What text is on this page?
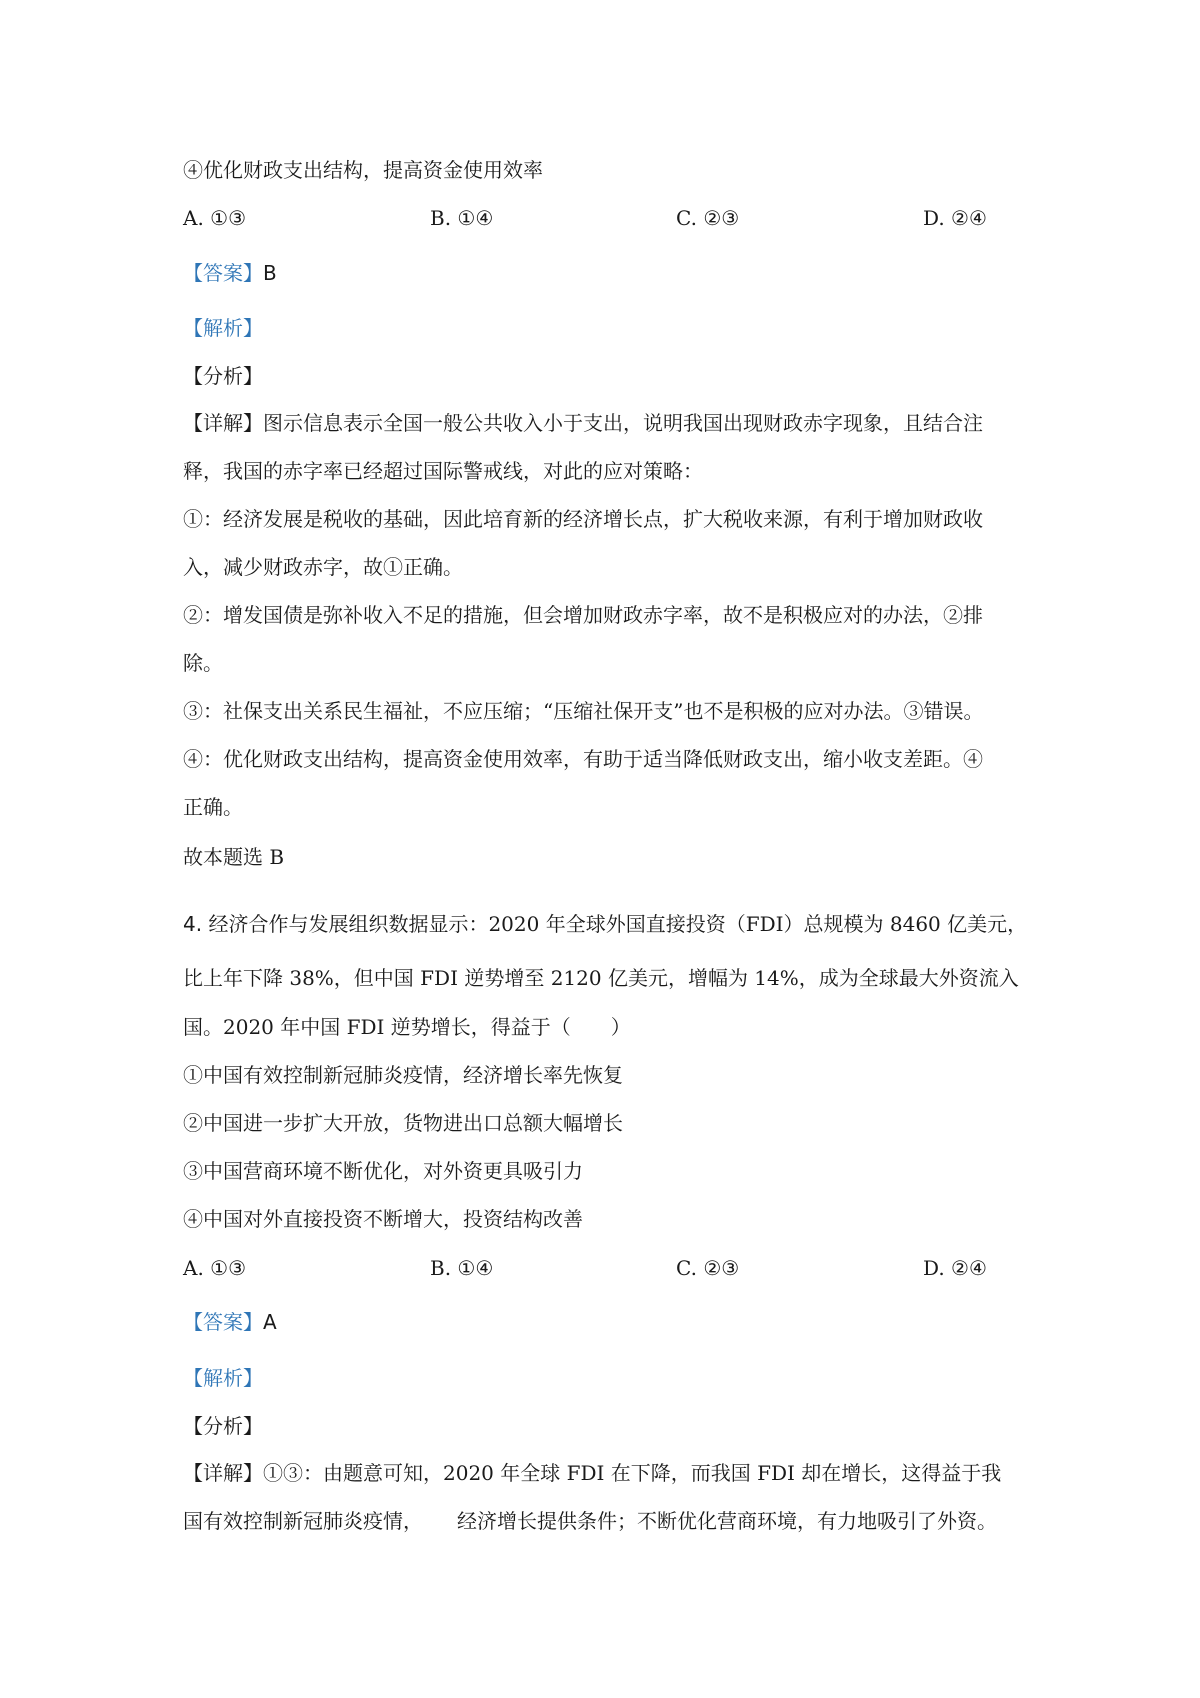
④优化财政支出结构，提高资金使用效率
A. ①③	B. ①④	C. ②③	D. ②④
【答案】B
【解析】
【分析】
【详解】图示信息表示全国一般公共收入小于支出，说明我国出现财政赤字现象，且结合注
释，我国的赤字率已经超过国际警戒线，对此的应对策略：
①：经济发展是税收的基础，因此培育新的经济增长点，扩大税收来源，有利于增加财政收
入，减少财政赤字，故①正确。
②：增发国债是弥补收入不足的措施，但会增加财政赤字率，故不是积极应对的办法，②排
除。
③：社保支出关系民生福祉，不应压缩；“压缩社保开支”也不是积极的应对办法。③错误。
④：优化财政支出结构，提高资金使用效率，有助于适当降低财政支出，缩小收支差距。④
正确。
故本题选 B
4. 经济合作与发展组织数据显示：2020 年全球外国直接投资（FDI）总规模为 8460 亿美元，
比上年下降 38%，但中国 FDI 逆势增至 2120 亿美元，增幅为 14%，成为全球最大外资流入
国。2020 年中国 FDI 逆势增长，得益于（　　）
①中国有效控制新冠肺炎疫情，经济增长率先恢复
②中国进一步扩大开放，货物进出口总额大幅增长
③中国营商环境不断优化，对外资更具吸引力
④中国对外直接投资不断增大，投资结构改善
A. ①③	B. ①④	C. ②③	D. ②④
【答案】A
【解析】
【分析】
【详解】①③：由题意可知，2020 年全球 FDI 在下降，而我国 FDI 却在增长，这得益于我
国有效控制新冠肺炎疫情， 经济增长提供条件；不断优化营商环境，有力地吸引了外资。
